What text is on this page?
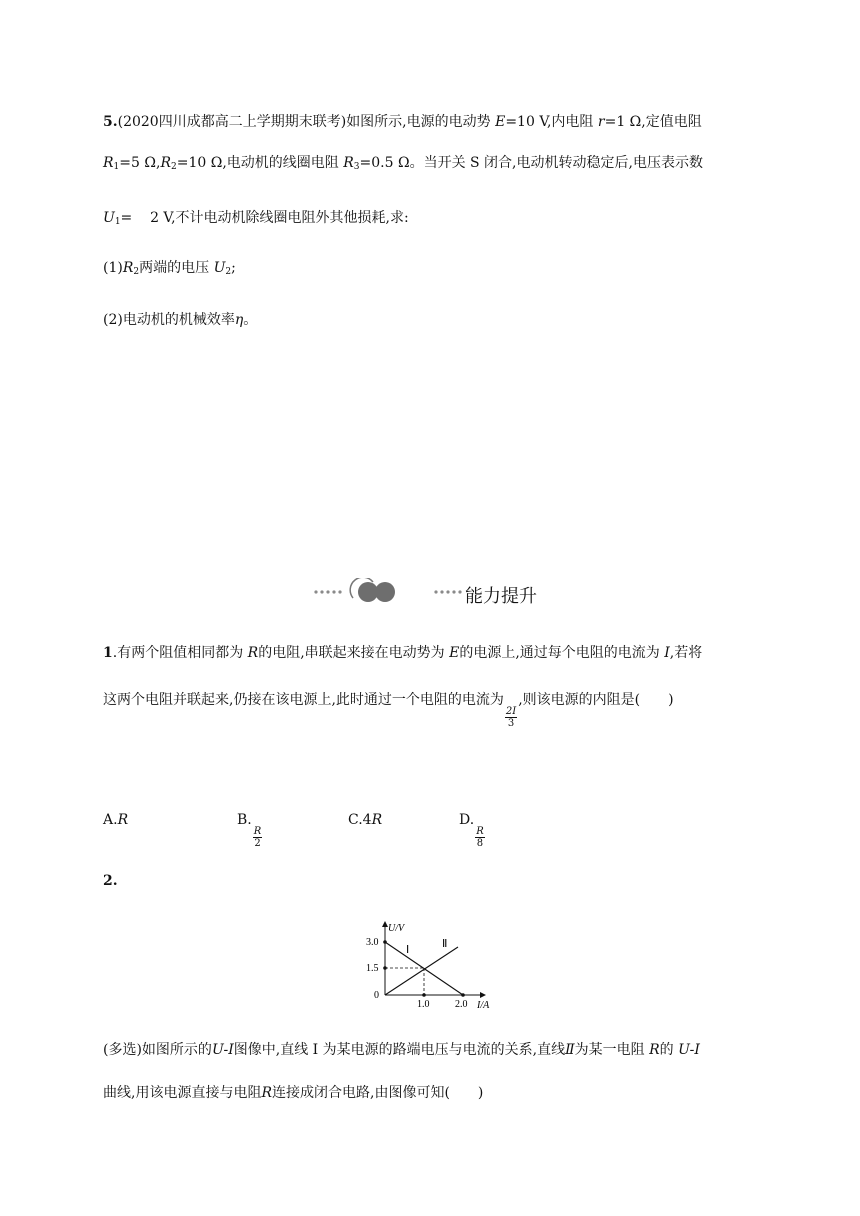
5.(2020四川成都高二上学期期末联考)如图所示,电源的电动势 E=10 V,内电阻 r=1 Ω,定值电阻
$R_1=5$ $\Omega,R_2=10$ Ω,电动机的线圈电阻 $R_3=0.5$ Ω。当开关 S 闭合,电动机转动稳定后,电压表示数
$U_1=$    2 V,不计电动机除线圈电阻外其他损耗,求:
$(1)R_2$两端的电压 $U_2$;
(2)电动机的机械效率η。
能力提升
1.有两个阻值相同都为 R的电阻,串联起来接在电动势为 E的电源上,通过每个电阻的电流为 I,若将
这两个电阻并联起来,仍接在该电源上,此时通过一个电阻的电流为
$\frac{2I}{3}$
,则该电源的内阻是(　　)
A.R	B.
$\frac{R}{2}$
C.4R	D.
$\frac{R}{8}$
2.
U/V
I/A
0
3.0
1.5
1.0	2.0
Ⅰ	Ⅱ
(多选)如图所示的U-I图像中,直线 Ⅰ 为某电源的路端电压与电流的关系,直线Ⅱ为某一电阻 R的 U-I
曲线,用该电源直接与电阻R连接成闭合电路,由图像可知(　　)
